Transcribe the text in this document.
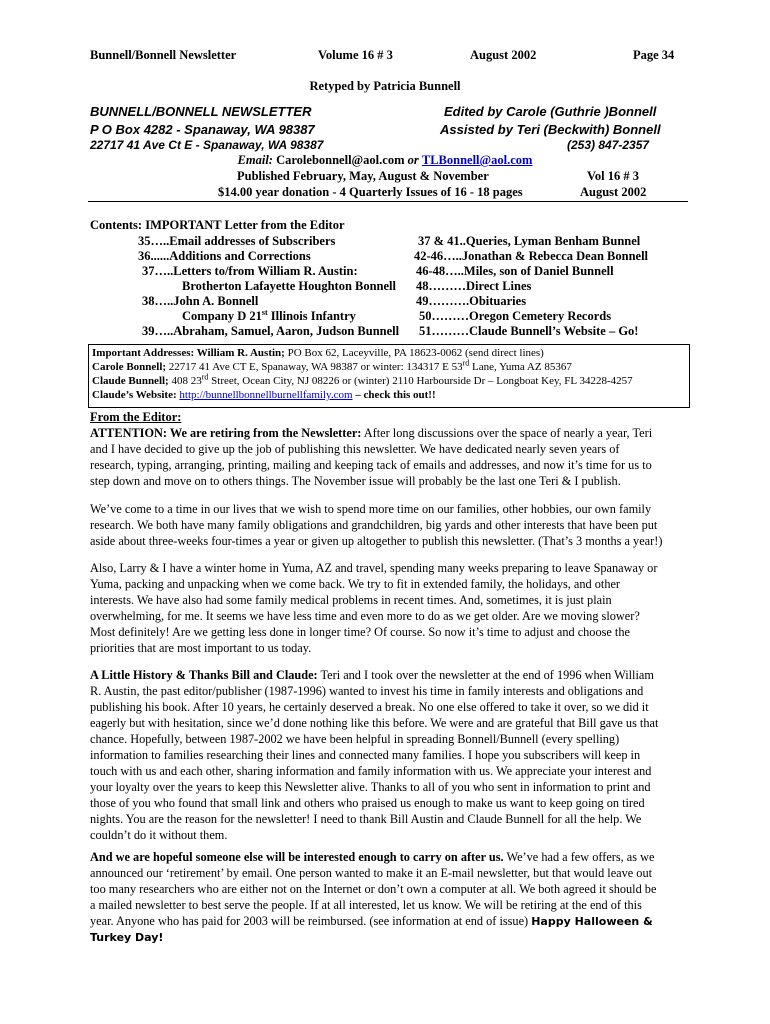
Bunnell/Bonnell Newsletter	Volume 16 # 3	August 2002	Page 34
Retyped by Patricia Bunnell
BUNNELL/BONNELL NEWSLETTER	Edited by Carole (Guthrie )Bonnell
P O Box 4282 - Spanaway, WA 98387	Assisted by Teri (Beckwith) Bonnell
22717 41 Ave Ct E - Spanaway, WA 98387	(253) 847-2357
Email: Carolebonnell@aol.com or TLBonnell@aol.com
Published February, May, August & November	Vol 16 # 3
$14.00 year donation - 4 Quarterly Issues of 16 - 18 pages	August 2002
Contents: IMPORTANT Letter from the Editor
35…..Email addresses of Subscribers
36......Additions and Corrections
37…..Letters to/from William R. Austin:
Brotherton Lafayette Houghton Bonnell
38…..John A. Bonnell
Company D 21st Illinois Infantry
39…..Abraham, Samuel, Aaron, Judson Bunnell
37 & 41..Queries, Lyman Benham Bunnel
42-46…..Jonathan & Rebecca Dean Bonnell
46-48…..Miles, son of Daniel Bunnell
48………Direct Lines
49……….Obituaries
50………Oregon Cemetery Records
51………Claude Bunnell’s Website – Go!
Important Addresses: William R. Austin; PO Box 62, Laceyville, PA 18623-0062 (send direct lines)
Carole Bonnell; 22717 41 Ave CT E, Spanaway, WA 98387 or winter: 134317 E 53rd Lane, Yuma AZ 85367
Claude Bunnell; 408 23rd Street, Ocean City, NJ 08226 or (winter) 2110 Harbourside Dr – Longboat Key, FL 34228-4257
Claude’s Website: http://bunnellbonnellburnellfamily.com – check this out!!
From the Editor:
ATTENTION: We are retiring from the Newsletter: After long discussions over the space of nearly a year, Teri
and I have decided to give up the job of publishing this newsletter. We have dedicated nearly seven years of
research, typing, arranging, printing, mailing and keeping tack of emails and addresses, and now it’s time for us to
step down and move on to others things. The November issue will probably be the last one Teri & I publish.
We’ve come to a time in our lives that we wish to spend more time on our families, other hobbies, our own family
research. We both have many family obligations and grandchildren, big yards and other interests that have been put
aside about three-weeks four-times a year or given up altogether to publish this newsletter. (That’s 3 months a year!)
Also, Larry & I have a winter home in Yuma, AZ and travel, spending many weeks preparing to leave Spanaway or
Yuma, packing and unpacking when we come back. We try to fit in extended family, the holidays, and other
interests. We have also had some family medical problems in recent times. And, sometimes, it is just plain
overwhelming, for me. It seems we have less time and even more to do as we get older. Are we moving slower?
Most definitely! Are we getting less done in longer time? Of course. So now it’s time to adjust and choose the
priorities that are most important to us today.
A Little History & Thanks Bill and Claude: Teri and I took over the newsletter at the end of 1996 when William
R. Austin, the past editor/publisher (1987-1996) wanted to invest his time in family interests and obligations and
publishing his book. After 10 years, he certainly deserved a break. No one else offered to take it over, so we did it
eagerly but with hesitation, since we’d done nothing like this before. We were and are grateful that Bill gave us that
chance. Hopefully, between 1987-2002 we have been helpful in spreading Bonnell/Bunnell (every spelling)
information to families researching their lines and connected many families. I hope you subscribers will keep in
touch with us and each other, sharing information and family information with us. We appreciate your interest and
your loyalty over the years to keep this Newsletter alive. Thanks to all of you who sent in information to print and
those of you who found that small link and others who praised us enough to make us want to keep going on tired
nights. You are the reason for the newsletter! I need to thank Bill Austin and Claude Bunnell for all the help. We
couldn’t do it without them.
And we are hopeful someone else will be interested enough to carry on after us. We’ve had a few offers, as we
announced our ‘retirement’ by email. One person wanted to make it an E-mail newsletter, but that would leave out
too many researchers who are either not on the Internet or don’t own a computer at all. We both agreed it should be
a mailed newsletter to best serve the people. If at all interested, let us know. We will be retiring at the end of this
year. Anyone who has paid for 2003 will be reimbursed. (see information at end of issue) Happy Halloween &
Turkey Day!
